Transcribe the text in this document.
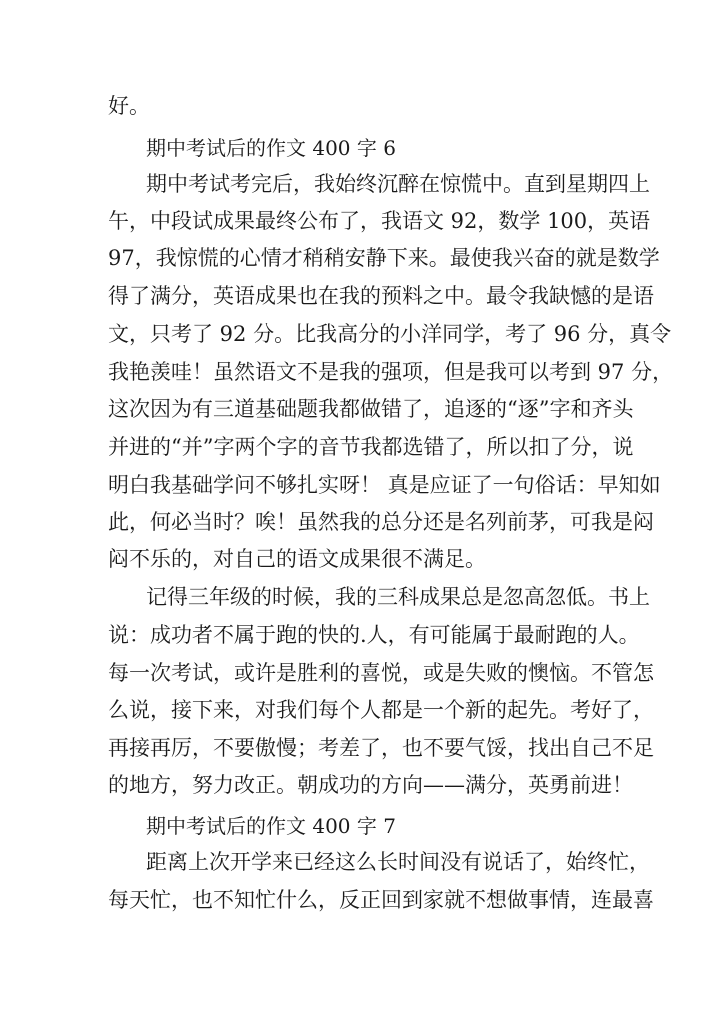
好。
期中考试后的作文 400 字 6
期中考试考完后，我始终沉醉在惊慌中。直到星期四上
午，中段试成果最终公布了，我语文 92，数学 100，英语
97，我惊慌的心情才稍稍安静下来。最使我兴奋的就是数学
得了满分，英语成果也在我的预料之中。最令我缺憾的是语
文，只考了 92 分。比我高分的小洋同学，考了 96 分，真令
我艳羡哇！虽然语文不是我的强项，但是我可以考到 97 分，
这次因为有三道基础题我都做错了，追逐的“逐”字和齐头
并进的“并”字两个字的音节我都选错了，所以扣了分，说
明白我基础学问不够扎实呀！ 真是应证了一句俗话：早知如
此，何必当时？唉！虽然我的总分还是名列前茅，可我是闷
闷不乐的，对自己的语文成果很不满足。
记得三年级的时候，我的三科成果总是忽高忽低。书上
说：成功者不属于跑的快的.人，有可能属于最耐跑的人。
每一次考试，或许是胜利的喜悦，或是失败的懊恼。不管怎
么说，接下来，对我们每个人都是一个新的起先。考好了，
再接再厉，不要傲慢；考差了，也不要气馁，找出自己不足
的地方，努力改正。朝成功的方向——满分，英勇前进！
期中考试后的作文 400 字 7
距离上次开学来已经这么长时间没有说话了，始终忙，
每天忙，也不知忙什么，反正回到家就不想做事情，连最喜
